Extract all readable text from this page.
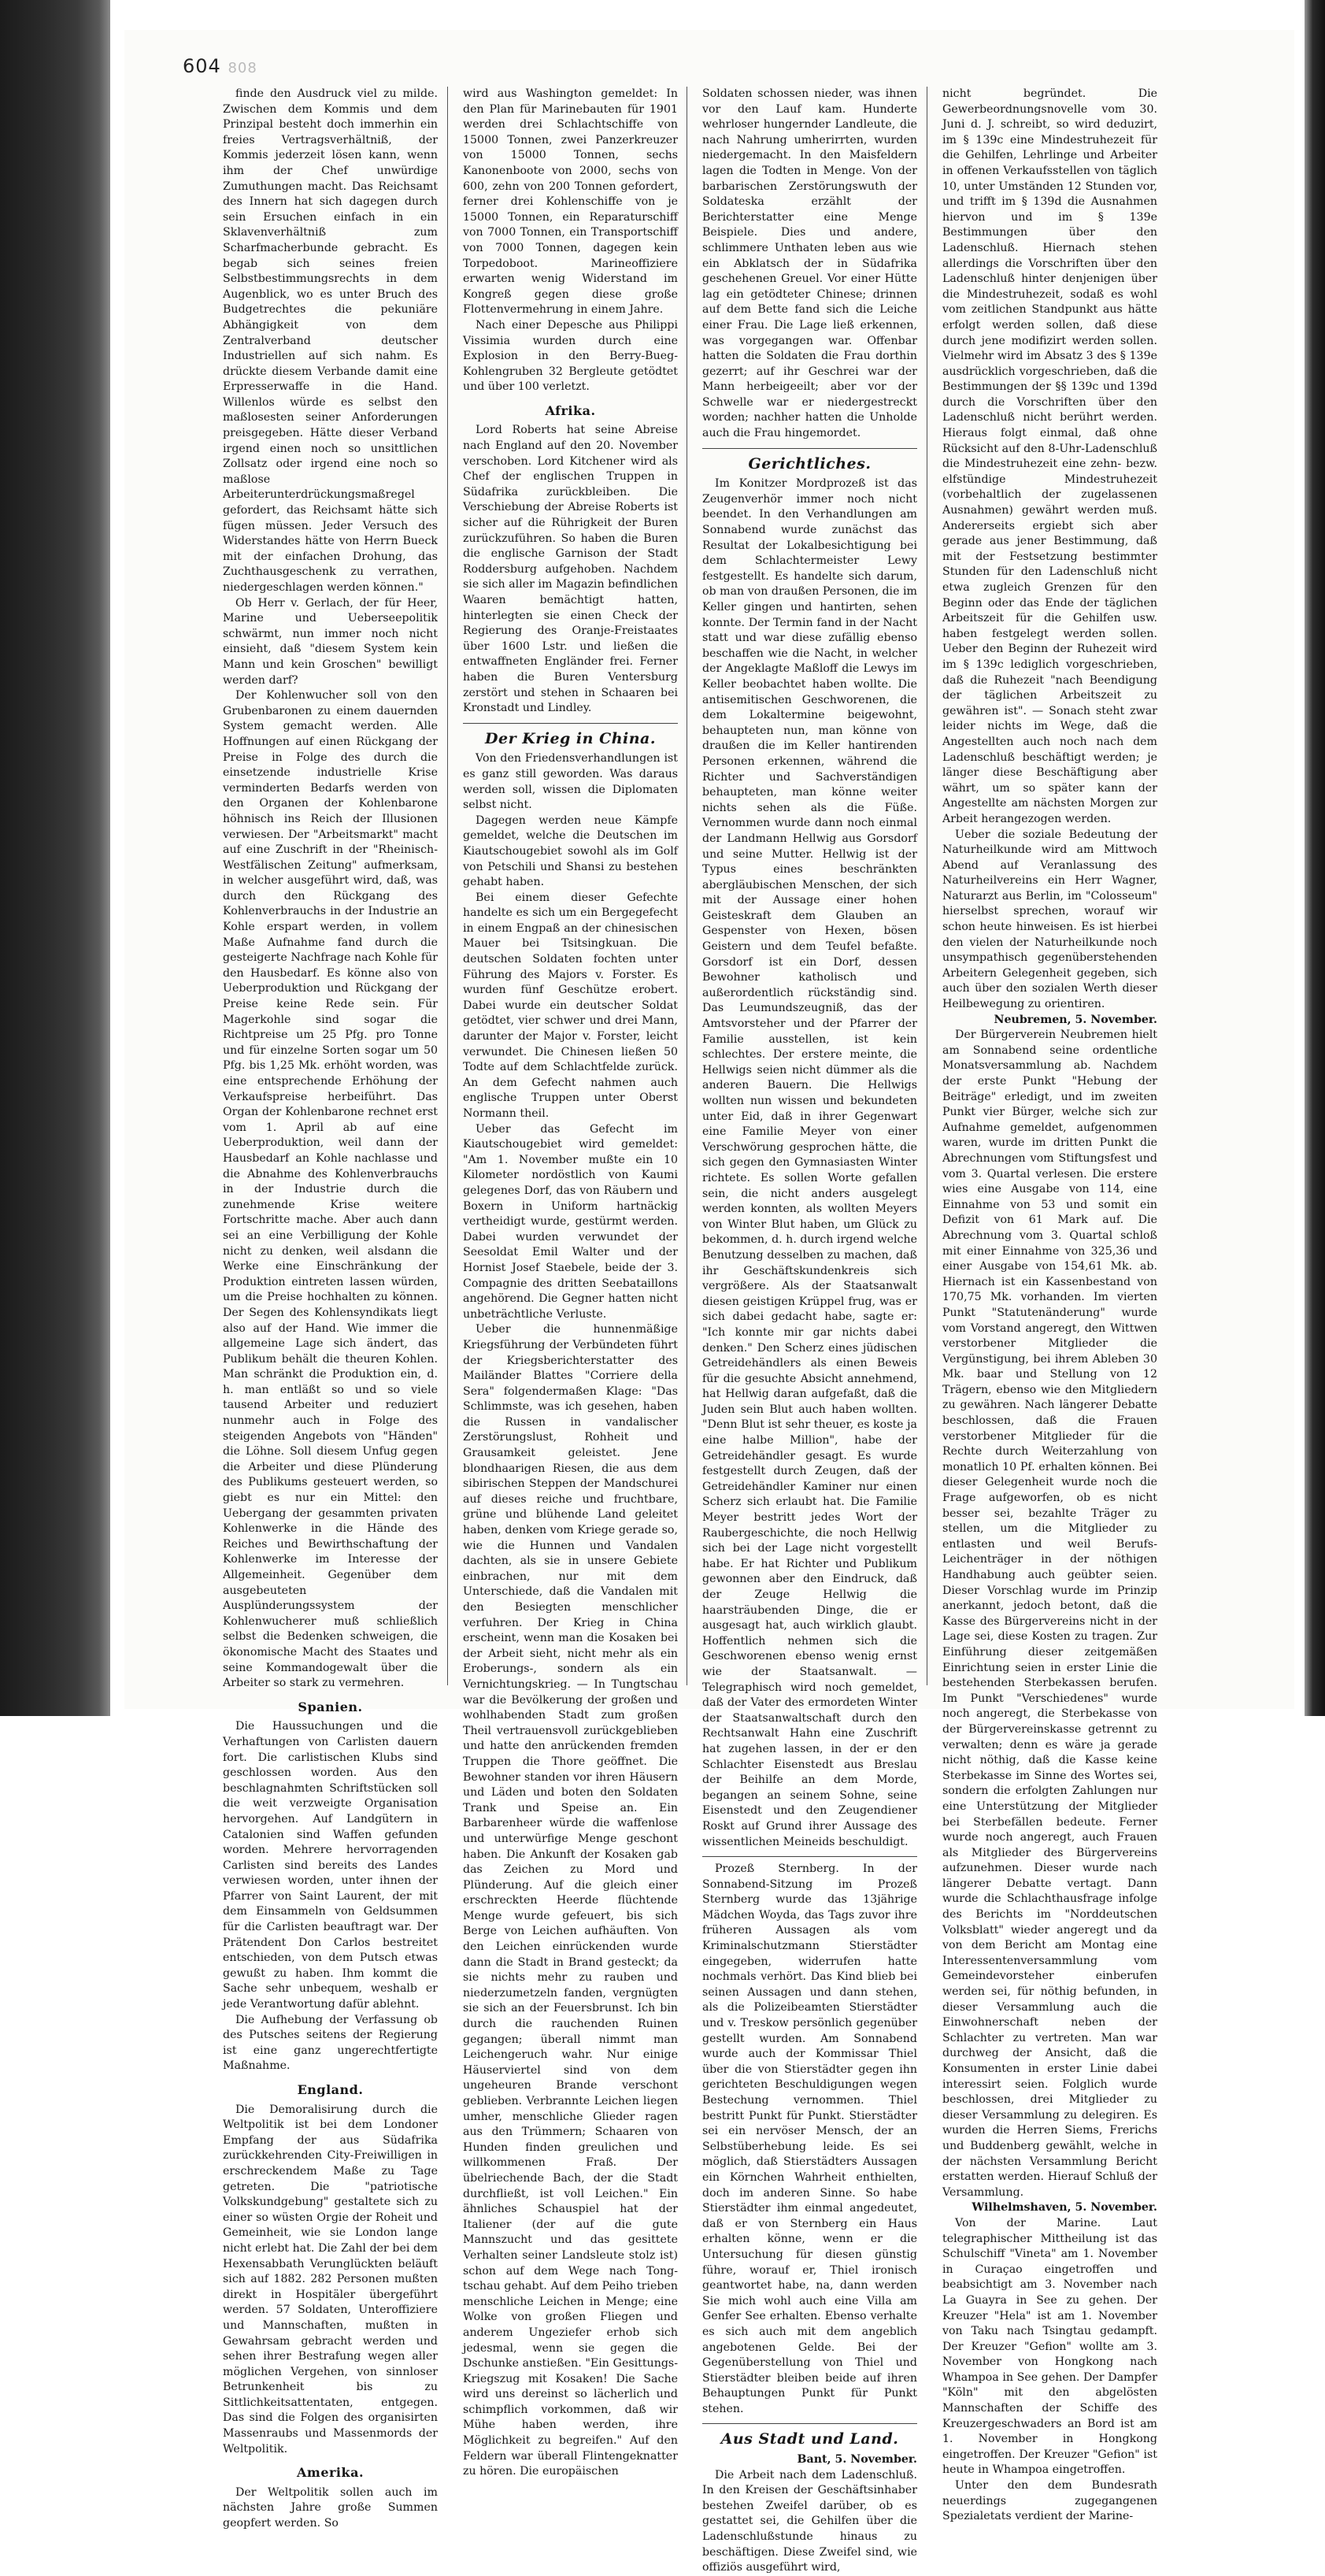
604 808

finde den Ausdruck viel zu milde. Zwischen dem Kommis und dem Prinzipal besteht doch immerhin ein freies Vertragsverhältniß, der Kommis jederzeit lösen kann, wenn ihm der Chef unwürdige Zumuthungen macht. Das Reichsamt des Innern hat sich dagegen durch sein Ersuchen einfach in ein Sklavenverhältniß zum Scharfmacherbunde gebracht. Es begab sich seines freien Selbstbestimmungsrechts in dem Augenblick, wo es unter Bruch des Budgetrechtes die pekuniäre Abhängigkeit von dem Zentralverband deutscher Industriellen auf sich nahm. Es drückte diesem Verbande damit eine Erpresserwaffe in die Hand. Willenlos würde es selbst den maßlosesten seiner Anforderungen preisgegeben. Hätte dieser Verband irgend einen noch so unsittlichen Zollsatz oder irgend eine noch so maßlose Arbeiterunterdrückungsmaßregel gefordert, das Reichsamt hätte sich fügen müssen. Jeder Versuch des Widerstandes hätte von Herrn Bueck mit der einfachen Drohung, das Zuchthausgeschenk zu verrathen, niedergeschlagen werden können."

Ob Herr v. Gerlach, der für Heer, Marine und Ueberseepolitik schwärmt, nun immer noch nicht einsieht, daß "diesem System kein Mann und kein Groschen" bewilligt werden darf?

Der Kohlenwucher soll von den Grubenbaronen zu einem dauernden System gemacht werden. Alle Hoffnungen auf einen Rückgang der Preise in Folge des durch die einsetzende industrielle Krise verminderten Bedarfs werden von den Organen der Kohlenbarone höhnisch ins Reich der Illusionen verwiesen. Der "Arbeitsmarkt" macht auf eine Zuschrift in der "Rheinisch-Westfälischen Zeitung" aufmerksam, in welcher ausgeführt wird, daß, was durch den Rückgang des Kohlenverbrauchs in der Industrie an Kohle erspart werden, in vollem Maße Aufnahme fand durch die gesteigerte Nachfrage nach Kohle für den Hausbedarf. Es könne also von Ueberproduktion und Rückgang der Preise keine Rede sein. Für Magerkohle sind sogar die Richtpreise um 25 Pfg. pro Tonne und für einzelne Sorten sogar um 50 Pfg. bis 1,25 Mk. erhöht worden, was eine entsprechende Erhöhung der Verkaufspreise herbeiführt. Das Organ der Kohlenbarone rechnet erst vom 1. April ab auf eine Ueberproduktion, weil dann der Hausbedarf an Kohle nachlasse und die Abnahme des Kohlenverbrauchs in der Industrie durch die zunehmende Krise weitere Fortschritte mache. Aber auch dann sei an eine Verbilligung der Kohle nicht zu denken, weil alsdann die Werke eine Einschränkung der Produktion eintreten lassen würden, um die Preise hochhalten zu können. Der Segen des Kohlensyndikats liegt also auf der Hand. Wie immer die allgemeine Lage sich ändert, das Publikum behält die theuren Kohlen. Man schränkt die Produktion ein, d. h. man entläßt so und so viele tausend Arbeiter und reduziert nunmehr auch in Folge des steigenden Angebots von "Händen" die Löhne. Soll diesem Unfug gegen die Arbeiter und diese Plünderung des Publikums gesteuert werden, so giebt es nur ein Mittel: den Uebergang der gesammten privaten Kohlenwerke in die Hände des Reiches und Bewirthschaftung der Kohlenwerke im Interesse der Allgemeinheit. Gegenüber dem ausgebeuteten Ausplünderungssystem der Kohlenwucherer muß schließlich selbst die Bedenken schweigen, die ökonomische Macht des Staates und seine Kommandogewalt über die Arbeiter so stark zu vermehren.

Spanien.

Die Haussuchungen und die Verhaftungen von Carlisten dauern fort. Die carlistischen Klubs sind geschlossen worden. Aus den beschlagnahmten Schriftstücken soll die weit verzweigte Organisation hervorgehen. Auf Landgütern in Catalonien sind Waffen gefunden worden. Mehrere hervorragenden Carlisten sind bereits des Landes verwiesen worden, unter ihnen der Pfarrer von Saint Laurent, der mit dem Einsammeln von Geldsummen für die Carlisten beauftragt war. Der Prätendent Don Carlos bestreitet entschieden, von dem Putsch etwas gewußt zu haben. Ihm kommt die Sache sehr unbequem, weshalb er jede Verantwortung dafür ablehnt.

Die Aufhebung der Verfassung ob des Putsches seitens der Regierung ist eine ganz ungerechtfertigte Maßnahme.

England.

Die Demoralisirung durch die Weltpolitik ist bei dem Londoner Empfang der aus Südafrika zurückkehrenden City-Freiwilligen in erschreckendem Maße zu Tage getreten. Die "patriotische Volkskundgebung" gestaltete sich zu einer so wüsten Orgie der Roheit und Gemeinheit, wie sie London lange nicht erlebt hat. Die Zahl der bei dem Hexensabbath Verunglückten beläuft sich auf 1882. 282 Personen mußten direkt in Hospitäler übergeführt werden. 57 Soldaten, Unteroffiziere und Mannschaften, mußten in Gewahrsam gebracht werden und sehen ihrer Bestrafung wegen aller möglichen Vergehen, von sinnloser Betrunkenheit bis zu Sittlichkeitsattentaten, entgegen. Das sind die Folgen des organisirten Massenraubs und Massenmords der Weltpolitik.

Amerika.

Der Weltpolitik sollen auch im nächsten Jahre große Summen geopfert werden. So

wird aus Washington gemeldet: In den Plan für Marinebauten für 1901 werden drei Schlachtschiffe von 15000 Tonnen, zwei Panzerkreuzer von 15000 Tonnen, sechs Kanonenboote von 2000, sechs von 600, zehn von 200 Tonnen gefordert, ferner drei Kohlenschiffe von je 15000 Tonnen, ein Reparaturschiff von 7000 Tonnen, ein Transportschiff von 7000 Tonnen, dagegen kein Torpedoboot. Marineoffiziere erwarten wenig Widerstand im Kongreß gegen diese große Flottenvermehrung in einem Jahre.

Nach einer Depesche aus Philippi Vissimia wurden durch eine Explosion in den Berry-Bueg-Kohlengruben 32 Bergleute getödtet und über 100 verletzt.

Afrika.

Lord Roberts hat seine Abreise nach England auf den 20. November verschoben. Lord Kitchener wird als Chef der englischen Truppen in Südafrika zurückbleiben. Die Verschiebung der Abreise Roberts ist sicher auf die Rührigkeit der Buren zurückzuführen. So haben die Buren die englische Garnison der Stadt Roddersburg aufgehoben. Nachdem sie sich aller im Magazin befindlichen Waaren bemächtigt hatten, hinterlegten sie einen Check der Regierung des Oranje-Freistaates über 1600 Lstr. und ließen die entwaffneten Engländer frei. Ferner haben die Buren Ventersburg zerstört und stehen in Schaaren bei Kronstadt und Lindley.

Der Krieg in China.

Von den Friedensverhandlungen ist es ganz still geworden. Was daraus werden soll, wissen die Diplomaten selbst nicht.

Dagegen werden neue Kämpfe gemeldet, welche die Deutschen im Kiautschougebiet sowohl als im Golf von Petschili und Shansi zu bestehen gehabt haben.

Bei einem dieser Gefechte handelte es sich um ein Bergegefecht in einem Engpaß an der chinesischen Mauer bei Tsitsingkuan. Die deutschen Soldaten fochten unter Führung des Majors v. Forster. Es wurden fünf Geschütze erobert. Dabei wurde ein deutscher Soldat getödtet, vier schwer und drei Mann, darunter der Major v. Forster, leicht verwundet. Die Chinesen ließen 50 Todte auf dem Schlachtfelde zurück. An dem Gefecht nahmen auch englische Truppen unter Oberst Normann theil.

Ueber das Gefecht im Kiautschougebiet wird gemeldet: "Am 1. November mußte ein 10 Kilometer nordöstlich von Kaumi gelegenes Dorf, das von Räubern und Boxern in Uniform hartnäckig vertheidigt wurde, gestürmt werden. Dabei wurden verwundet der Seesoldat Emil Walter und der Hornist Josef Staebele, beide der 3. Compagnie des dritten Seebataillons angehörend. Die Gegner hatten nicht unbeträchtliche Verluste.

Ueber die hunnenmäßige Kriegsführung der Verbündeten führt der Kriegsberichterstatter des Mailänder Blattes "Corriere della Sera" folgendermaßen Klage: "Das Schlimmste, was ich gesehen, haben die Russen in vandalischer Zerstörungslust, Rohheit und Grausamkeit geleistet. Jene blondhaarigen Riesen, die aus dem sibirischen Steppen der Mandschurei auf dieses reiche und fruchtbare, grüne und blühende Land geleitet haben, denken vom Kriege gerade so, wie die Hunnen und Vandalen dachten, als sie in unsere Gebiete einbrachen, nur mit dem Unterschiede, daß die Vandalen mit den Besiegten menschlicher verfuhren. Der Krieg in China erscheint, wenn man die Kosaken bei der Arbeit sieht, nicht mehr als ein Eroberungs-, sondern als ein Vernichtungskrieg. — In Tungtschau war die Bevölkerung der großen und wohlhabenden Stadt zum großen Theil vertrauensvoll zurückgeblieben und hatte den anrückenden fremden Truppen die Thore geöffnet. Die Bewohner standen vor ihren Häusern und Läden und boten den Soldaten Trank und Speise an. Ein Barbarenheer würde die waffenlose und unterwürfige Menge geschont haben. Die Ankunft der Kosaken gab das Zeichen zu Mord und Plünderung. Auf die gleich einer erschreckten Heerde flüchtende Menge wurde gefeuert, bis sich Berge von Leichen aufhäuften. Von den Leichen einrückenden wurde dann die Stadt in Brand gesteckt; da sie nichts mehr zu rauben und niederzumetzeln fanden, vergnügten sie sich an der Feuersbrunst. Ich bin durch die rauchenden Ruinen gegangen; überall nimmt man Leichengeruch wahr. Nur einige Häuserviertel sind von dem ungeheuren Brande verschont geblieben. Verbrannte Leichen liegen umher, menschliche Glieder ragen aus den Trümmern; Schaaren von Hunden finden greulichen und willkommenen Fraß. Der übelriechende Bach, der die Stadt durchfließt, ist voll Leichen." Ein ähnliches Schauspiel hat der Italiener (der auf die gute Mannszucht und das gesittete Verhalten seiner Landsleute stolz ist) schon auf dem Wege nach Tong-tschau gehabt. Auf dem Peiho trieben menschliche Leichen in Menge; eine Wolke von großen Fliegen und anderem Ungeziefer erhob sich jedesmal, wenn sie gegen die Dschunke anstießen. "Ein Gesittungs-Kriegszug mit Kosaken! Die Sache wird uns dereinst so lächerlich und schimpflich vorkommen, daß wir Mühe haben werden, ihre Möglichkeit zu begreifen." Auf den Feldern war überall Flintengeknatter zu hören. Die europäischen

Soldaten schossen nieder, was ihnen vor den Lauf kam. Hunderte wehrloser hungernder Landleute, die nach Nahrung umherirrten, wurden niedergemacht. In den Maisfeldern lagen die Todten in Menge. Von der barbarischen Zerstörungswuth der Soldateska erzählt der Berichterstatter eine Menge Beispiele. Dies und andere, schlimmere Unthaten leben aus wie ein Abklatsch der in Südafrika geschehenen Greuel. Vor einer Hütte lag ein getödteter Chinese; drinnen auf dem Bette fand sich die Leiche einer Frau. Die Lage ließ erkennen, was vorgegangen war. Offenbar hatten die Soldaten die Frau dorthin gezerrt; auf ihr Geschrei war der Mann herbeigeeilt; aber vor der Schwelle war er niedergestreckt worden; nachher hatten die Unholde auch die Frau hingemordet.

Gerichtliches.

Im Konitzer Mordprozeß ist das Zeugenverhör immer noch nicht beendet. In den Verhandlungen am Sonnabend wurde zunächst das Resultat der Lokalbesichtigung bei dem Schlachtermeister Lewy festgestellt. Es handelte sich darum, ob man von draußen Personen, die im Keller gingen und hantirten, sehen konnte. Der Termin fand in der Nacht statt und war diese zufällig ebenso beschaffen wie die Nacht, in welcher der Angeklagte Maßloff die Lewys im Keller beobachtet haben wollte. Die antisemitischen Geschworenen, die dem Lokaltermine beigewohnt, behaupteten nun, man könne von draußen die im Keller hantirenden Personen erkennen, während die Richter und Sachverständigen behaupteten, man könne weiter nichts sehen als die Füße. Vernommen wurde dann noch einmal der Landmann Hellwig aus Gorsdorf und seine Mutter. Hellwig ist der Typus eines beschränkten abergläubischen Menschen, der sich mit der Aussage einer hohen Geisteskraft dem Glauben an Gespenster von Hexen, bösen Geistern und dem Teufel befaßte. Gorsdorf ist ein Dorf, dessen Bewohner katholisch und außerordentlich rückständig sind. Das Leumundszeugniß, das der Amtsvorsteher und der Pfarrer der Familie ausstellen, ist kein schlechtes. Der erstere meinte, die Hellwigs seien nicht dümmer als die anderen Bauern. Die Hellwigs wollten nun wissen und bekundeten unter Eid, daß in ihrer Gegenwart eine Familie Meyer von einer Verschwörung gesprochen hätte, die sich gegen den Gymnasiasten Winter richtete. Es sollen Worte gefallen sein, die nicht anders ausgelegt werden konnten, als wollten Meyers von Winter Blut haben, um Glück zu bekommen, d. h. durch irgend welche Benutzung desselben zu machen, daß ihr Geschäftskundenkreis sich vergrößere. Als der Staatsanwalt diesen geistigen Krüppel frug, was er sich dabei gedacht habe, sagte er: "Ich konnte mir gar nichts dabei denken." Den Scherz eines jüdischen Getreidehändlers als einen Beweis für die gesuchte Absicht annehmend, hat Hellwig daran aufgefaßt, daß die Juden sein Blut auch haben wollten. "Denn Blut ist sehr theuer, es koste ja eine halbe Million", habe der Getreidehändler gesagt. Es wurde festgestellt durch Zeugen, daß der Getreidehändler Kaminer nur einen Scherz sich erlaubt hat. Die Familie Meyer bestritt jedes Wort der Raubergeschichte, die noch Hellwig sich bei der Lage nicht vorgestellt habe. Er hat Richter und Publikum gewonnen aber den Eindruck, daß der Zeuge Hellwig die haarsträubenden Dinge, die er ausgesagt hat, auch wirklich glaubt. Hoffentlich nehmen sich die Geschworenen ebenso wenig ernst wie der Staatsanwalt. — Telegraphisch wird noch gemeldet, daß der Vater des ermordeten Winter der Staatsanwaltschaft durch den Rechtsanwalt Hahn eine Zuschrift hat zugehen lassen, in der er den Schlachter Eisenstedt aus Breslau der Beihilfe an dem Morde, begangen an seinem Sohne, seine Eisenstedt und den Zeugendiener Roskt auf Grund ihrer Aussage des wissentlichen Meineids beschuldigt.

Prozeß Sternberg. In der Sonnabend-Sitzung im Prozeß Sternberg wurde das 13jährige Mädchen Woyda, das Tags zuvor ihre früheren Aussagen als vom Kriminalschutzmann Stierstädter eingegeben, widerrufen hatte nochmals verhört. Das Kind blieb bei seinen Aussagen und dann stehen, als die Polizeibeamten Stierstädter und v. Treskow persönlich gegenüber gestellt wurden. Am Sonnabend wurde auch der Kommissar Thiel über die von Stierstädter gegen ihn gerichteten Beschuldigungen wegen Bestechung vernommen. Thiel bestritt Punkt für Punkt. Stierstädter sei ein nervöser Mensch, der an Selbstüberhebung leide. Es sei möglich, daß Stierstädters Aussagen ein Körnchen Wahrheit enthielten, doch im anderen Sinne. So habe Stierstädter ihm einmal angedeutet, daß er von Sternberg ein Haus erhalten könne, wenn er die Untersuchung für diesen günstig führe, worauf er, Thiel ironisch geantwortet habe, na, dann werden Sie mich wohl auch eine Villa am Genfer See erhalten. Ebenso verhalte es sich auch mit dem angeblich angebotenen Gelde. Bei der Gegenüberstellung von Thiel und Stierstädter bleiben beide auf ihren Behauptungen Punkt für Punkt stehen.

Aus Stadt und Land.

Bant, 5. November.

Die Arbeit nach dem Ladenschluß. In den Kreisen der Geschäftsinhaber bestehen Zweifel darüber, ob es gestattet sei, die Gehilfen über die Ladenschlußstunde hinaus zu beschäftigen. Diese Zweifel sind, wie offiziös ausgeführt wird,

nicht begründet. Die Gewerbeordnungsnovelle vom 30. Juni d. J. schreibt, so wird deduzirt, im § 139c eine Mindestruhezeit für die Gehilfen, Lehrlinge und Arbeiter in offenen Verkaufsstellen von täglich 10, unter Umständen 12 Stunden vor, und trifft im § 139d die Ausnahmen hiervon und im § 139e Bestimmungen über den Ladenschluß. Hiernach stehen allerdings die Vorschriften über den Ladenschluß hinter denjenigen über die Mindestruhezeit, sodaß es wohl vom zeitlichen Standpunkt aus hätte erfolgt werden sollen, daß diese durch jene modifizirt werden sollen. Vielmehr wird im Absatz 3 des § 139e ausdrücklich vorgeschrieben, daß die Bestimmungen der §§ 139c und 139d durch die Vorschriften über den Ladenschluß nicht berührt werden. Hieraus folgt einmal, daß ohne Rücksicht auf den 8-Uhr-Ladenschluß die Mindestruhezeit eine zehn- bezw. elfstündige Mindestruhezeit (vorbehaltlich der zugelassenen Ausnahmen) gewährt werden muß. Andererseits ergiebt sich aber gerade aus jener Bestimmung, daß mit der Festsetzung bestimmter Stunden für den Ladenschluß nicht etwa zugleich Grenzen für den Beginn oder das Ende der täglichen Arbeitszeit für die Gehilfen usw. haben festgelegt werden sollen. Ueber den Beginn der Ruhezeit wird im § 139c lediglich vorgeschrieben, daß die Ruhezeit "nach Beendigung der täglichen Arbeitszeit zu gewähren ist". — Sonach steht zwar leider nichts im Wege, daß die Angestellten auch noch nach dem Ladenschluß beschäftigt werden; je länger diese Beschäftigung aber währt, um so später kann der Angestellte am nächsten Morgen zur Arbeit herangezogen werden.

Ueber die soziale Bedeutung der Naturheilkunde wird am Mittwoch Abend auf Veranlassung des Naturheilvereins ein Herr Wagner, Naturarzt aus Berlin, im "Colosseum" hierselbst sprechen, worauf wir schon heute hinweisen. Es ist hierbei den vielen der Naturheilkunde noch unsympathisch gegenüberstehenden Arbeitern Gelegenheit gegeben, sich auch über den sozialen Werth dieser Heilbewegung zu orientiren.

Neubremen, 5. November.

Der Bürgerverein Neubremen hielt am Sonnabend seine ordentliche Monatsversammlung ab. Nachdem der erste Punkt "Hebung der Beiträge" erledigt, und im zweiten Punkt vier Bürger, welche sich zur Aufnahme gemeldet, aufgenommen waren, wurde im dritten Punkt die Abrechnungen vom Stiftungsfest und vom 3. Quartal verlesen. Die erstere wies eine Ausgabe von 114, eine Einnahme von 53 und somit ein Defizit von 61 Mark auf. Die Abrechnung vom 3. Quartal schloß mit einer Einnahme von 325,36 und einer Ausgabe von 154,61 Mk. ab. Hiernach ist ein Kassenbestand von 170,75 Mk. vorhanden. Im vierten Punkt "Statutenänderung" wurde vom Vorstand angeregt, den Wittwen verstorbener Mitglieder die Vergünstigung, bei ihrem Ableben 30 Mk. baar und Stellung von 12 Trägern, ebenso wie den Mitgliedern zu gewähren. Nach längerer Debatte beschlossen, daß die Frauen verstorbener Mitglieder für die Rechte durch Weiterzahlung von monatlich 10 Pf. erhalten können. Bei dieser Gelegenheit wurde noch die Frage aufgeworfen, ob es nicht besser sei, bezahlte Träger zu stellen, um die Mitglieder zu entlasten und weil Berufs-Leichenträger in der nöthigen Handhabung auch geübter seien. Dieser Vorschlag wurde im Prinzip anerkannt, jedoch betont, daß die Kasse des Bürgervereins nicht in der Lage sei, diese Kosten zu tragen. Zur Einführung dieser zeitgemäßen Einrichtung seien in erster Linie die bestehenden Sterbekassen berufen. Im Punkt "Verschiedenes" wurde noch angeregt, die Sterbekasse von der Bürgervereinskasse getrennt zu verwalten; denn es wäre ja gerade nicht nöthig, daß die Kasse keine Sterbekasse im Sinne des Wortes sei, sondern die erfolgten Zahlungen nur eine Unterstützung der Mitglieder bei Sterbefällen bedeute. Ferner wurde noch angeregt, auch Frauen als Mitglieder des Bürgervereins aufzunehmen. Dieser wurde nach längerer Debatte vertagt. Dann wurde die Schlachthausfrage infolge des Berichts im "Norddeutschen Volksblatt" wieder angeregt und da von dem Bericht am Montag eine Interessentenversammlung vom Gemeindevorsteher einberufen werden sei, für nöthig befunden, in dieser Versammlung auch die Einwohnerschaft neben der Schlachter zu vertreten. Man war durchweg der Ansicht, daß die Konsumenten in erster Linie dabei interessirt seien. Folglich wurde beschlossen, drei Mitglieder zu dieser Versammlung zu delegiren. Es wurden die Herren Siems, Frerichs und Buddenberg gewählt, welche in der nächsten Versammlung Bericht erstatten werden. Hierauf Schluß der Versammlung.

Wilhelmshaven, 5. November.

Von der Marine. Laut telegraphischer Mittheilung ist das Schulschiff "Vineta" am 1. November in Curaçao eingetroffen und beabsichtigt am 3. November nach La Guayra in See zu gehen. Der Kreuzer "Hela" ist am 1. November von Taku nach Tsingtau gedampft. Der Kreuzer "Gefion" wollte am 3. November von Hongkong nach Whampoa in See gehen. Der Dampfer "Köln" mit den abgelösten Mannschaften der Schiffe des Kreuzergeschwaders an Bord ist am 1. November in Hongkong eingetroffen. Der Kreuzer "Gefion" ist heute in Whampoa eingetroffen.

Unter den dem Bundesrath neuerdings zugegangenen Spezialetats verdient der Marine-
